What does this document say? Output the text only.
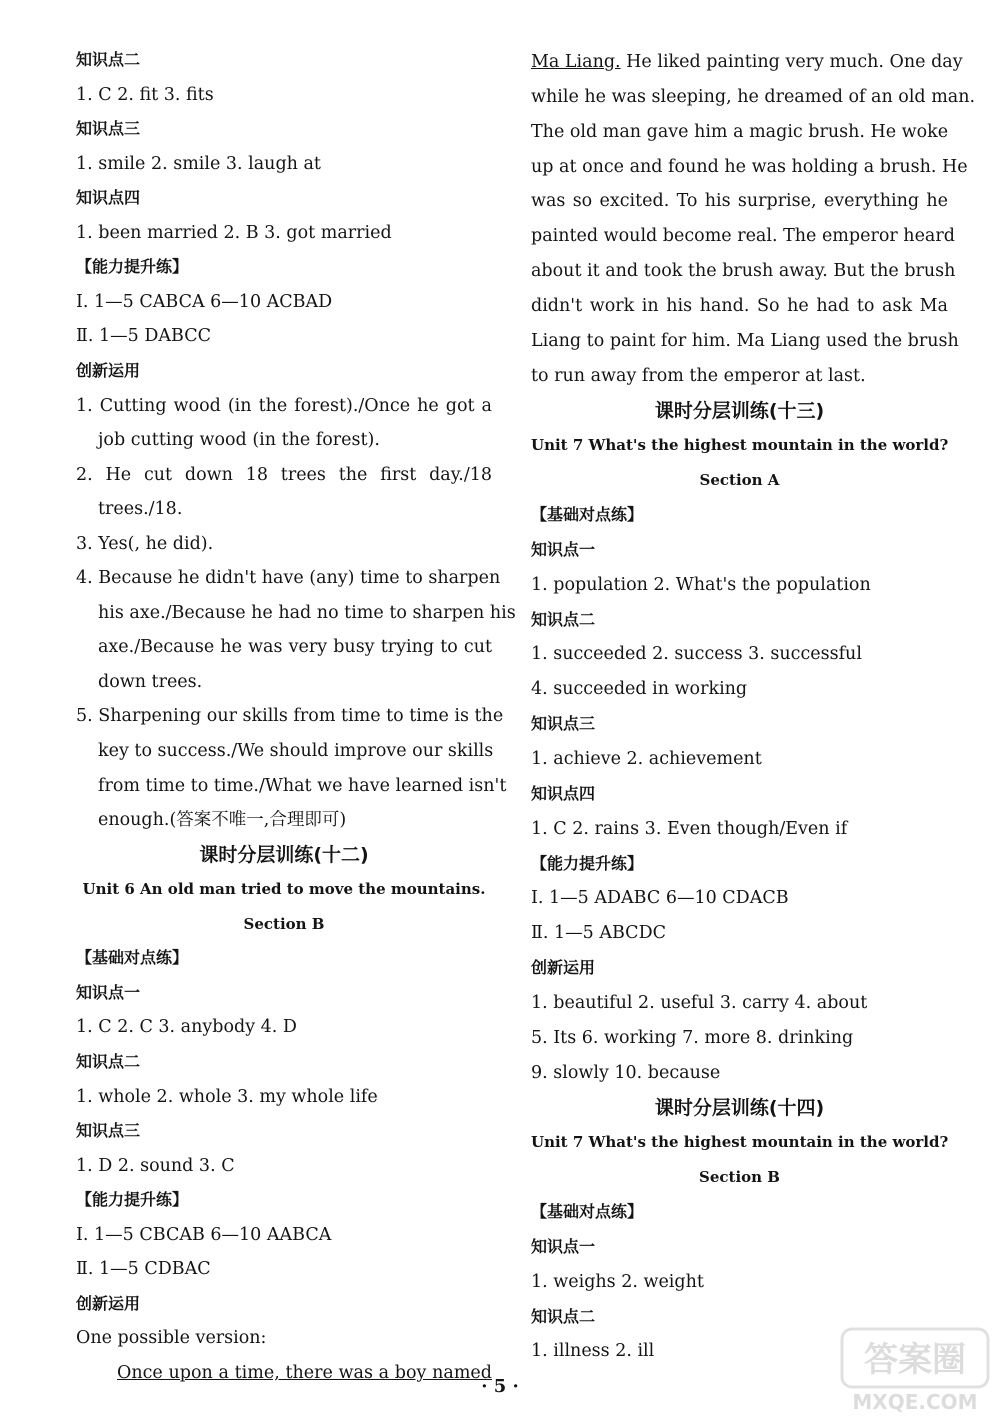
知识点二
1. C 2. fit 3. fits
知识点三
1. smile 2. smile 3. laugh at
知识点四
1. been married 2. B 3. got married
【能力提升练】
Ⅰ. 1—5 CABCA 6—10 ACBAD
Ⅱ. 1—5 DABCC
创新运用
1. Cutting wood (in the forest)./Once he got a
job cutting wood (in the forest).
2. He cut down 18 trees the first day./18
trees./18.
3. Yes(, he did).
4. Because he didn't have (any) time to sharpen
his axe./Because he had no time to sharpen his
axe./Because he was very busy trying to cut
down trees.
5. Sharpening our skills from time to time is the
key to success./We should improve our skills
from time to time./What we have learned isn't
enough.(答案不唯一,合理即可)
课时分层训练(十二)
Unit 6 An old man tried to move the mountains.
Section B
【基础对点练】
知识点一
1. C 2. C 3. anybody 4. D
知识点二
1. whole 2. whole 3. my whole life
知识点三
1. D 2. sound 3. C
【能力提升练】
Ⅰ. 1—5 CBCAB 6—10 AABCA
Ⅱ. 1—5 CDBAC
创新运用
One possible version:
Once upon a time, there was a boy named
Ma Liang. He liked painting very much. One day
while he was sleeping, he dreamed of an old man.
The old man gave him a magic brush. He woke
up at once and found he was holding a brush. He
was so excited. To his surprise, everything he
painted would become real. The emperor heard
about it and took the brush away. But the brush
didn't work in his hand. So he had to ask Ma
Liang to paint for him. Ma Liang used the brush
to run away from the emperor at last.
课时分层训练(十三)
Unit 7 What's the highest mountain in the world?
Section A
【基础对点练】
知识点一
1. population 2. What's the population
知识点二
1. succeeded 2. success 3. successful
4. succeeded in working
知识点三
1. achieve 2. achievement
知识点四
1. C 2. rains 3. Even though/Even if
【能力提升练】
Ⅰ. 1—5 ADABC 6—10 CDACB
Ⅱ. 1—5 ABCDC
创新运用
1. beautiful 2. useful 3. carry 4. about
5. Its 6. working 7. more 8. drinking
9. slowly 10. because
课时分层训练(十四)
Unit 7 What's the highest mountain in the world?
Section B
【基础对点练】
知识点一
1. weighs 2. weight
知识点二
1. illness 2. ill
· 5 ·
答案圈
MXQE.COM
